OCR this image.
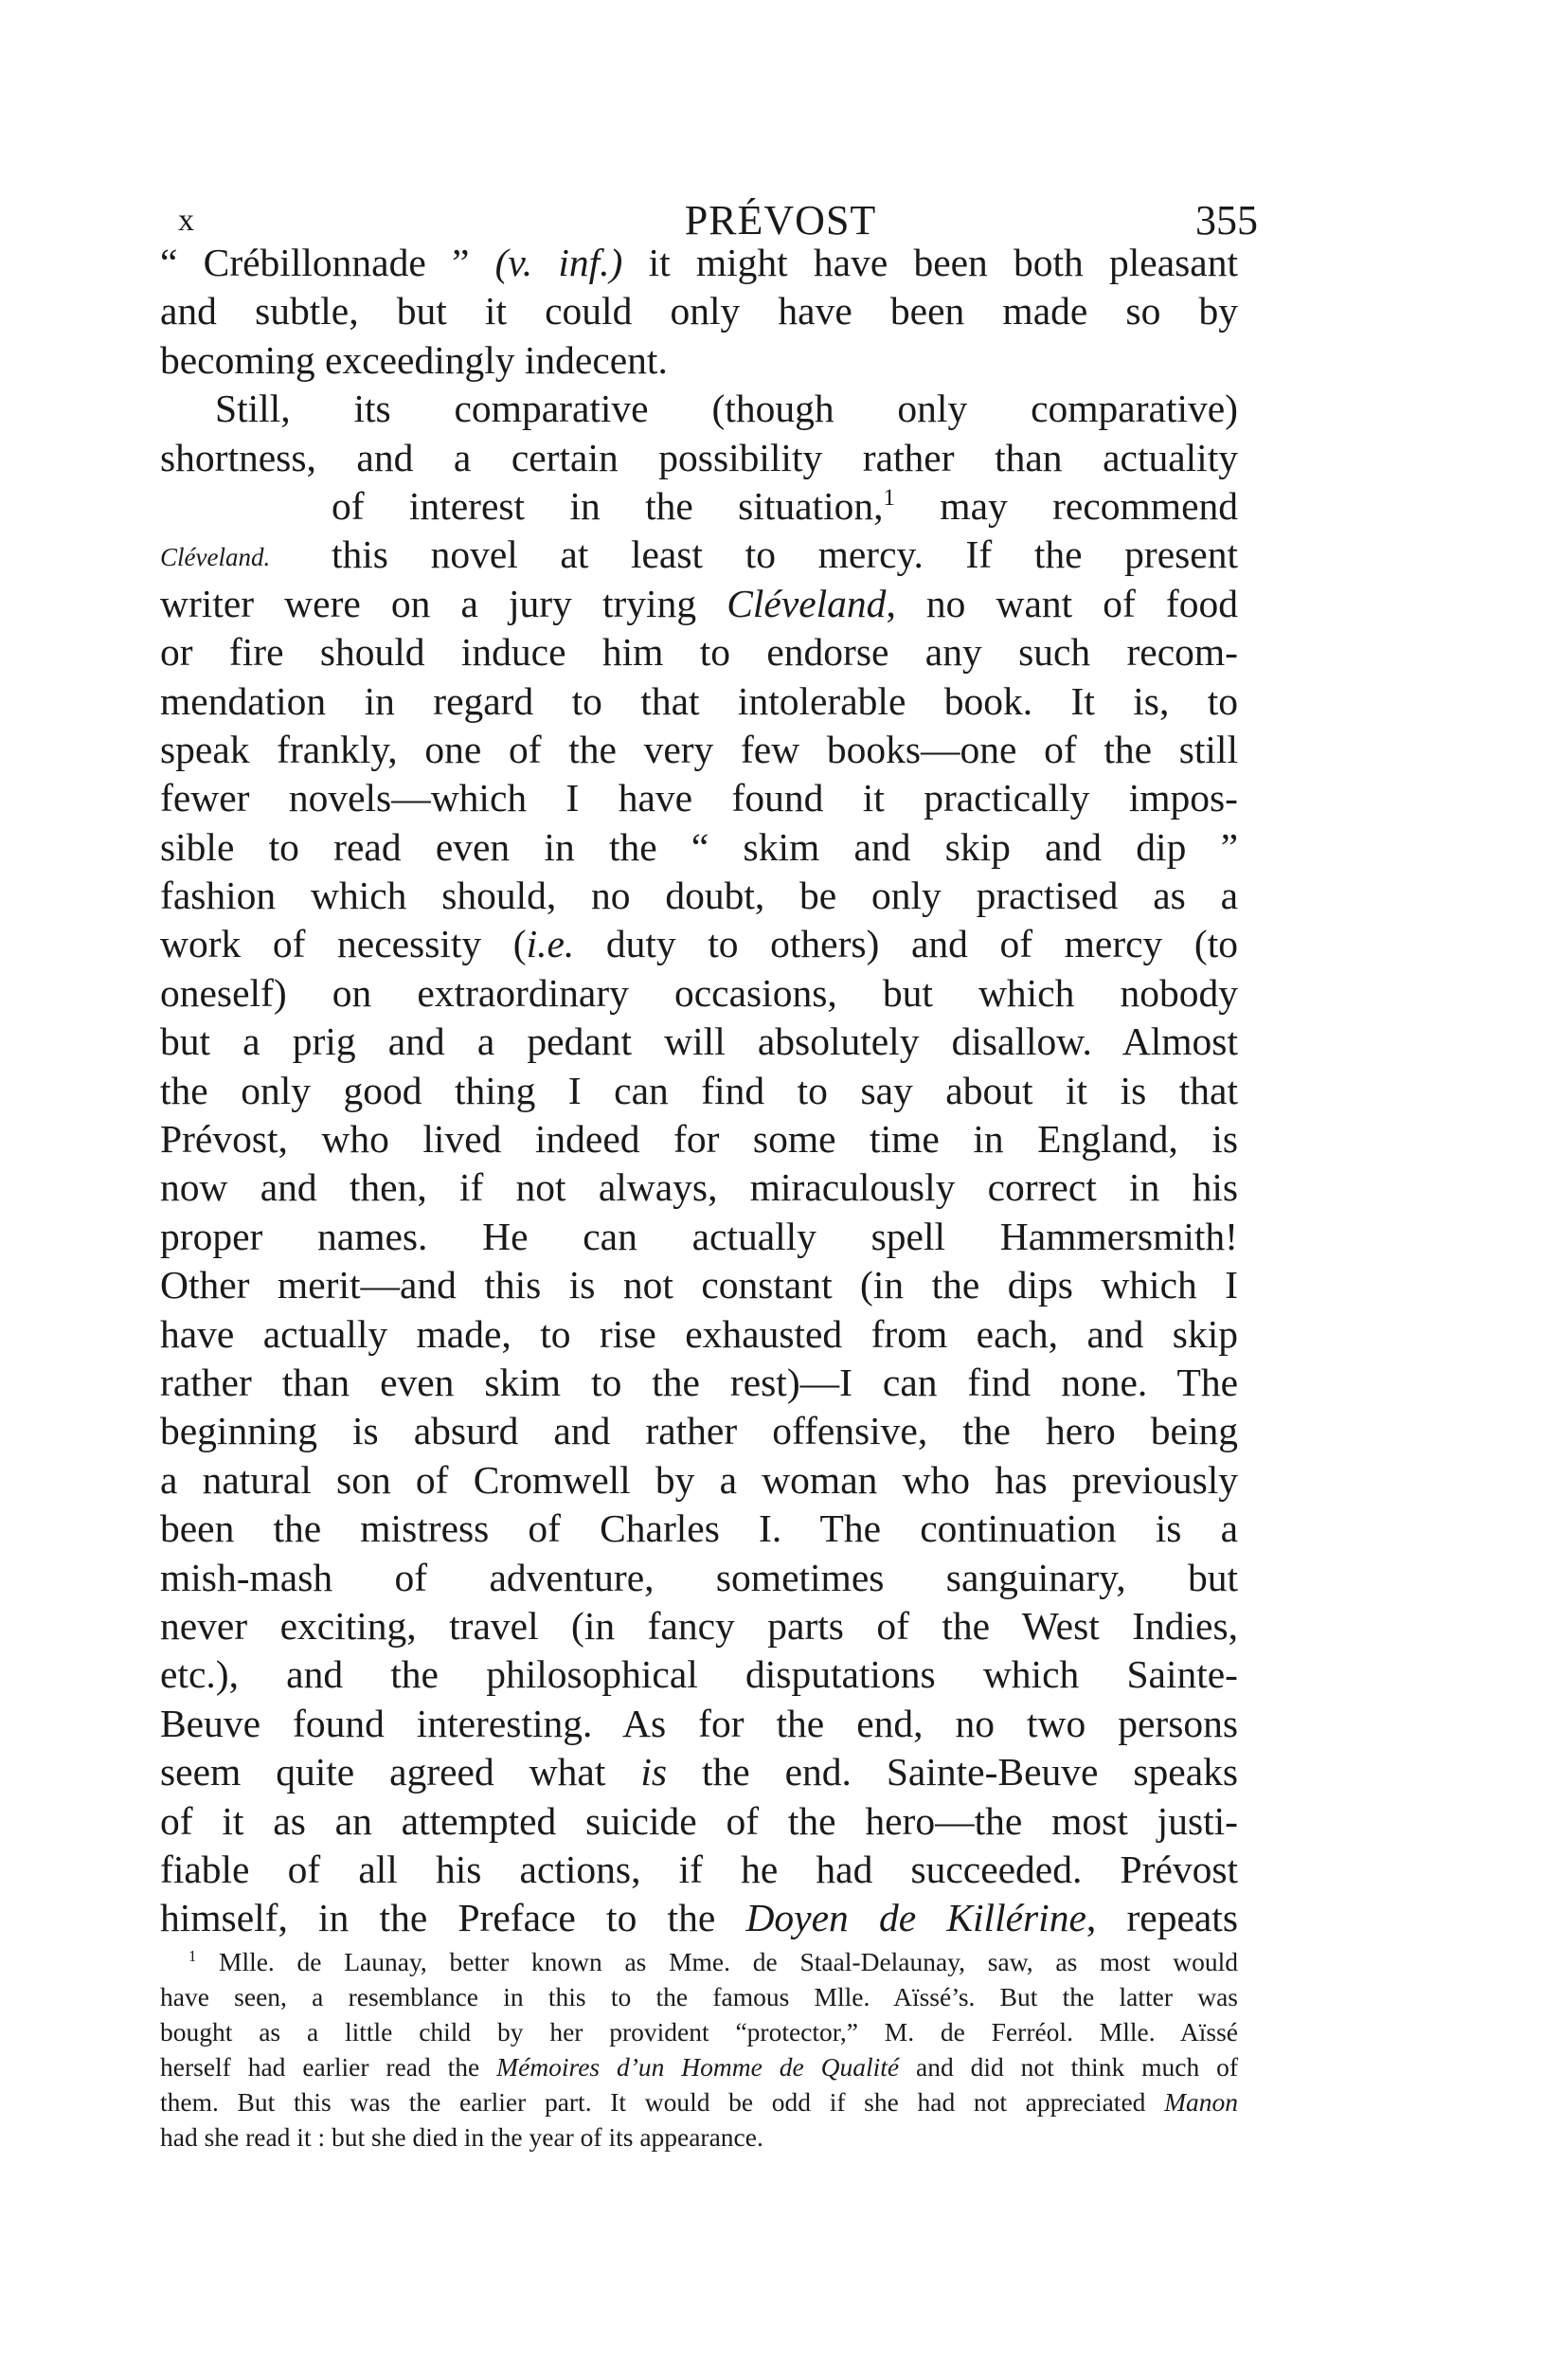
x	PRÉVOST	355
Cléveland.
“ Crébillonnade ” (v. inf.) it might have been both pleasant
and subtle, but it could only have been made so by
becoming exceedingly indecent.
Still, its comparative (though only comparative)
shortness, and a certain possibility rather than actuality
of interest in the situation,$^1$ may recommend
this novel at least to mercy. If the present
writer were on a jury trying Cléveland, no want of food
or fire should induce him to endorse any such recom-
mendation in regard to that intolerable book. It is, to
speak frankly, one of the very few books—one of the still
fewer novels—which I have found it practically impos-
sible to read even in the “ skim and skip and dip ”
fashion which should, no doubt, be only practised as a
work of necessity (i.e. duty to others) and of mercy (to
oneself) on extraordinary occasions, but which nobody
but a prig and a pedant will absolutely disallow. Almost
the only good thing I can find to say about it is that
Prévost, who lived indeed for some time in England, is
now and then, if not always, miraculously correct in his
proper names. He can actually spell Hammersmith!
Other merit—and this is not constant (in the dips which I
have actually made, to rise exhausted from each, and skip
rather than even skim to the rest)—I can find none. The
beginning is absurd and rather offensive, the hero being
a natural son of Cromwell by a woman who has previously
been the mistress of Charles I. The continuation is a
mish-mash of adventure, sometimes sanguinary, but
never exciting, travel (in fancy parts of the West Indies,
etc.), and the philosophical disputations which Sainte-
Beuve found interesting. As for the end, no two persons
seem quite agreed what is the end. Sainte-Beuve speaks
of it as an attempted suicide of the hero—the most justi-
fiable of all his actions, if he had succeeded. Prévost
himself, in the Preface to the Doyen de Killérine, repeats
$^1$ Mlle. de Launay, better known as Mme. de Staal-Delaunay, saw, as most would
have seen, a resemblance in this to the famous Mlle. Aïssé’s. But the latter was
bought as a little child by her provident “protector,” M. de Ferréol. Mlle. Aïssé
herself had earlier read the Mémoires d’un Homme de Qualité and did not think much of
them. But this was the earlier part. It would be odd if she had not appreciated Manon
had she read it : but she died in the year of its appearance.
